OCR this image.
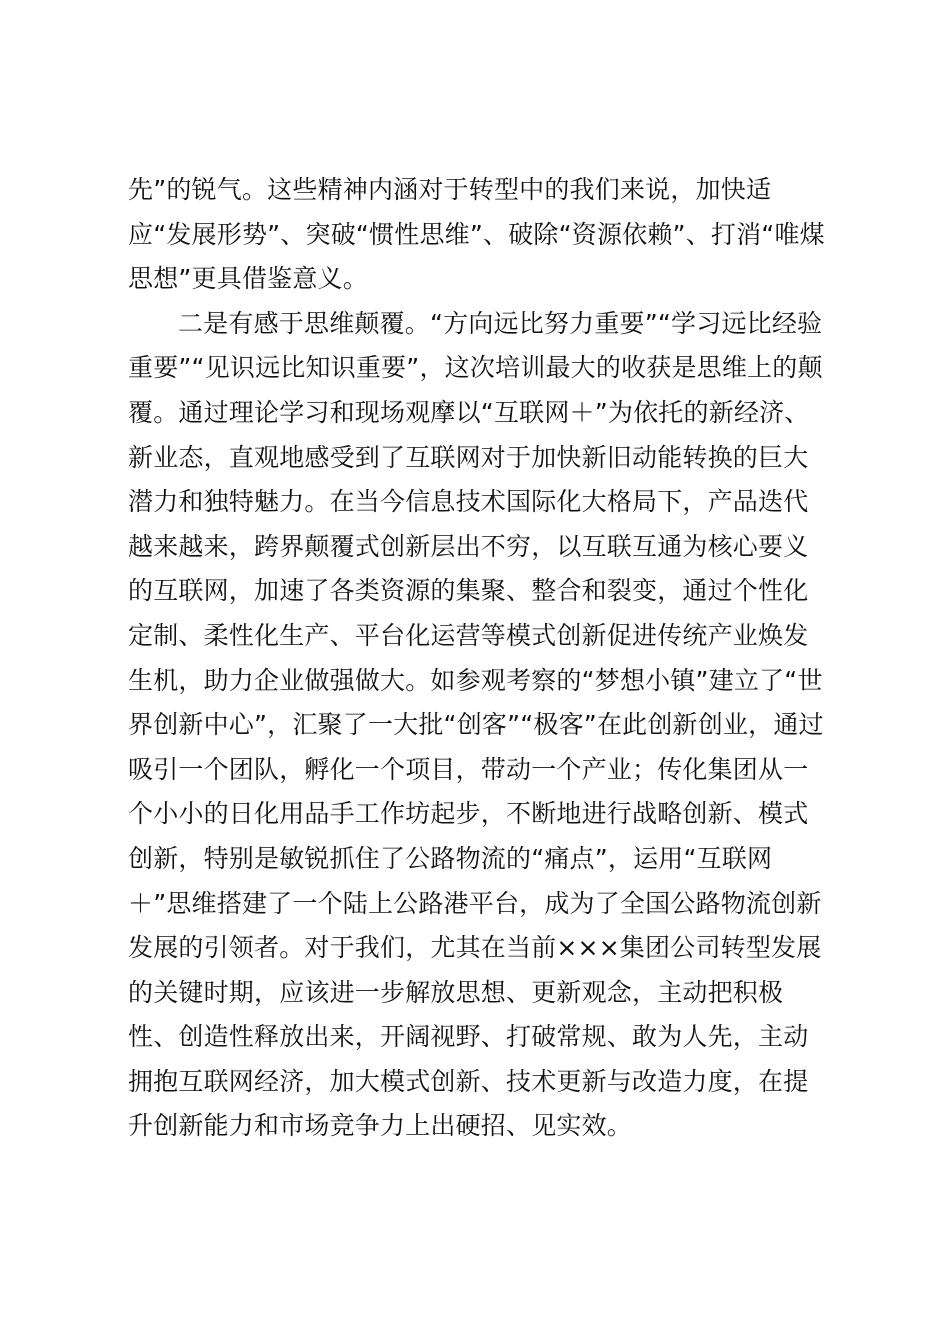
先”的锐气。这些精神内涵对于转型中的我们来说，加快适
应“发展形势”、突破“惯性思维”、破除“资源依赖”、打消“唯煤
思想”更具借鉴意义。
二是有感于思维颠覆。“方向远比努力重要”“学习远比经验
重要”“见识远比知识重要”，这次培训最大的收获是思维上的颠
覆。通过理论学习和现场观摩以“互联网＋”为依托的新经济、
新业态，直观地感受到了互联网对于加快新旧动能转换的巨大
潜力和独特魅力。在当今信息技术国际化大格局下，产品迭代
越来越来，跨界颠覆式创新层出不穷，以互联互通为核心要义
的互联网，加速了各类资源的集聚、整合和裂变，通过个性化
定制、柔性化生产、平台化运营等模式创新促进传统产业焕发
生机，助力企业做强做大。如参观考察的“梦想小镇”建立了“世
界创新中心”，汇聚了一大批“创客”“极客”在此创新创业，通过
吸引一个团队，孵化一个项目，带动一个产业；传化集团从一
个小小的日化用品手工作坊起步，不断地进行战略创新、模式
创新，特别是敏锐抓住了公路物流的“痛点”，运用“互联网
＋”思维搭建了一个陆上公路港平台，成为了全国公路物流创新
发展的引领者。对于我们，尤其在当前×××集团公司转型发展
的关键时期，应该进一步解放思想、更新观念，主动把积极
性、创造性释放出来，开阔视野、打破常规、敢为人先，主动
拥抱互联网经济，加大模式创新、技术更新与改造力度，在提
升创新能力和市场竞争力上出硬招、见实效。
